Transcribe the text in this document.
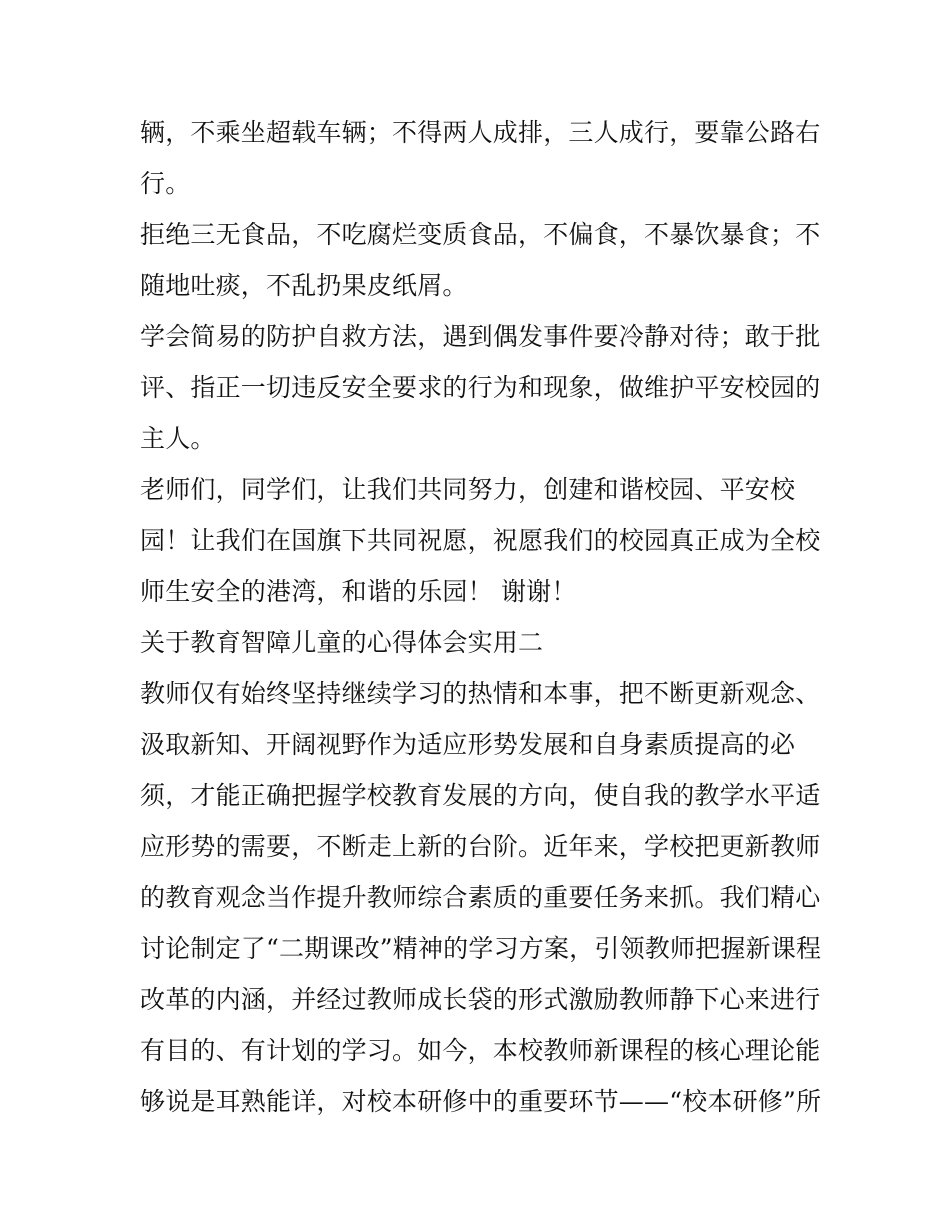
辆，不乘坐超载车辆；不得两人成排，三人成行，要靠公路右
行。
拒绝三无食品，不吃腐烂变质食品，不偏食，不暴饮暴食；不
随地吐痰，不乱扔果皮纸屑。
学会简易的防护自救方法，遇到偶发事件要冷静对待；敢于批
评、指正一切违反安全要求的行为和现象，做维护平安校园的
主人。
老师们，同学们，让我们共同努力，创建和谐校园、平安校
园！让我们在国旗下共同祝愿，祝愿我们的校园真正成为全校
师生安全的港湾，和谐的乐园！ 谢谢！
关于教育智障儿童的心得体会实用二
教师仅有始终坚持继续学习的热情和本事，把不断更新观念、
汲取新知、开阔视野作为适应形势发展和自身素质提高的必
须，才能正确把握学校教育发展的方向，使自我的教学水平适
应形势的需要，不断走上新的台阶。近年来，学校把更新教师
的教育观念当作提升教师综合素质的重要任务来抓。我们精心
讨论制定了“二期课改”精神的学习方案，引领教师把握新课程
改革的内涵，并经过教师成长袋的形式激励教师静下心来进行
有目的、有计划的学习。如今，本校教师新课程的核心理论能
够说是耳熟能详，对校本研修中的重要环节——“校本研修”所
